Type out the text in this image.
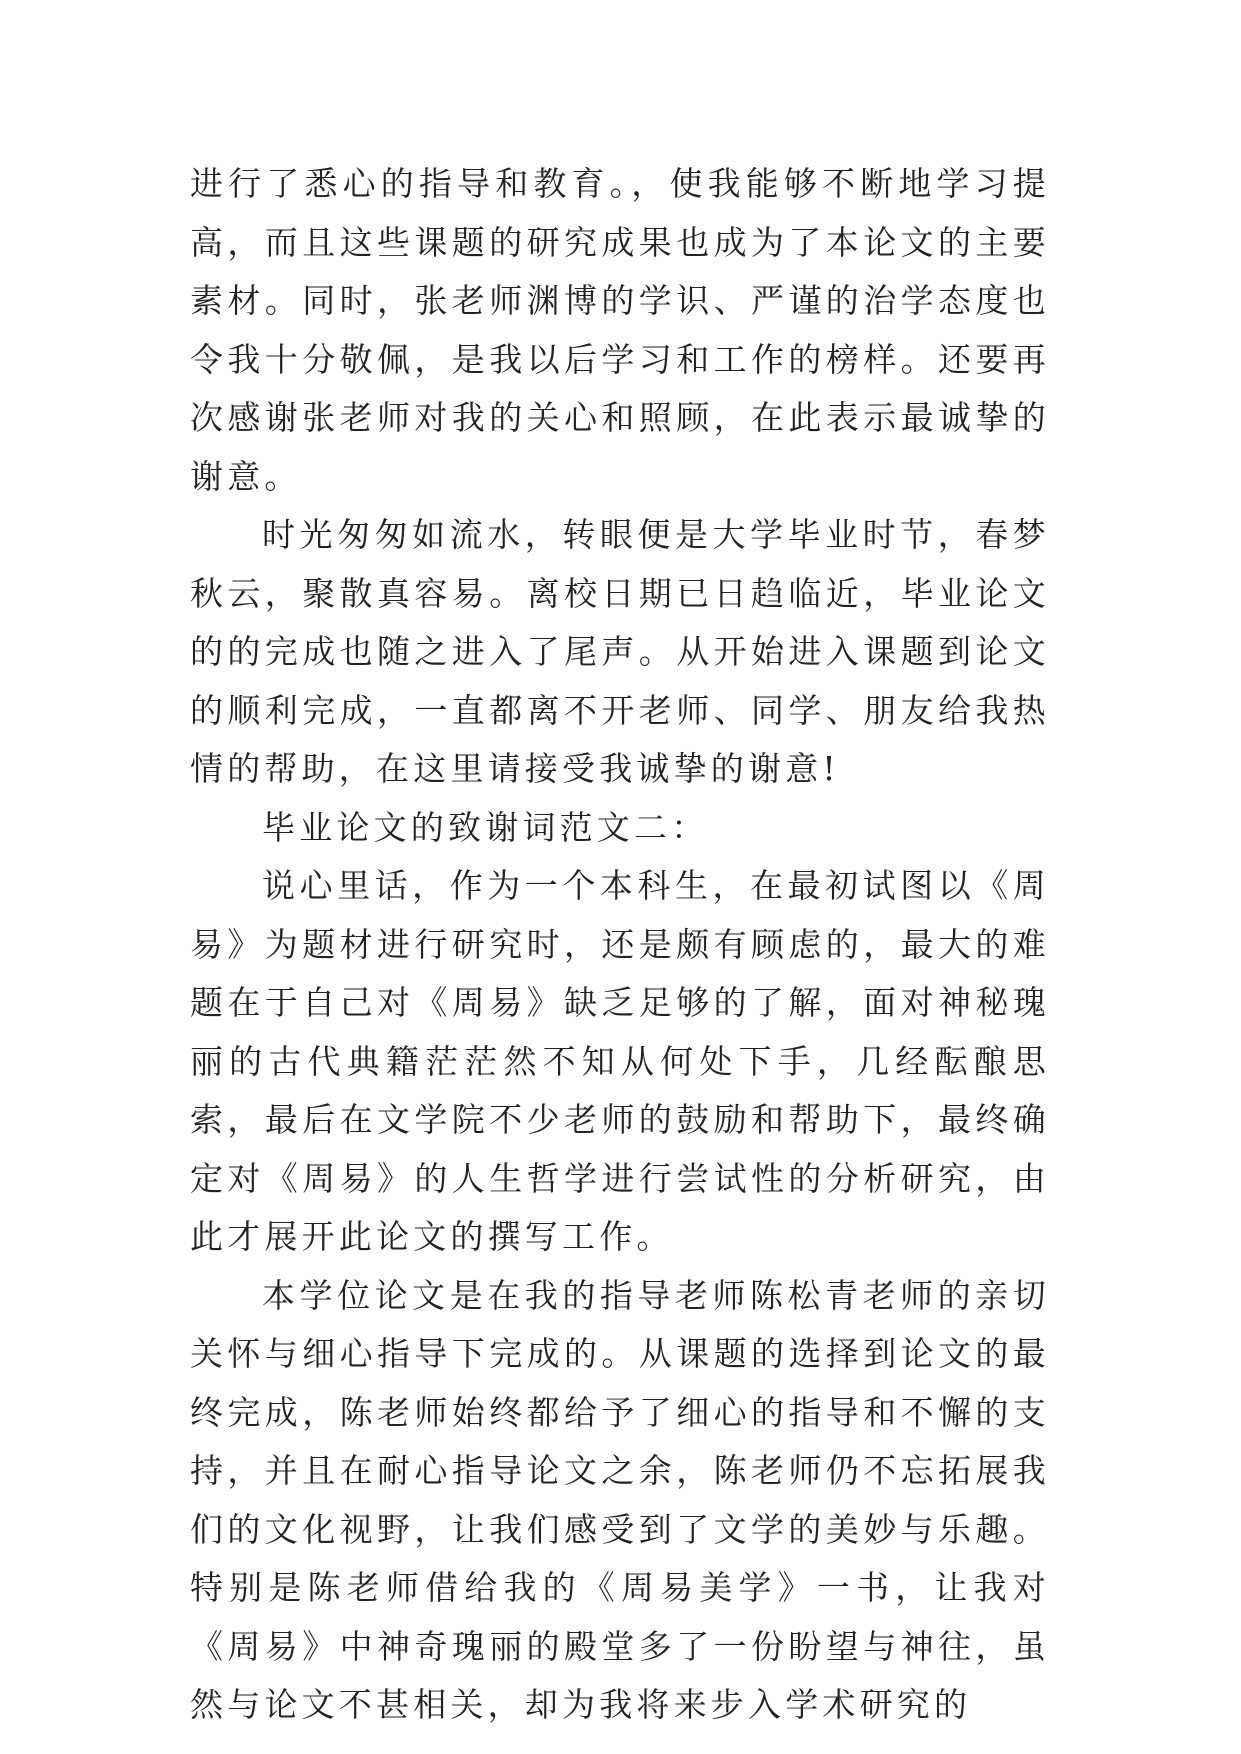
进行了悉心的指导和教育。，使我能够不断地学习提高，而且这些课题的研究成果也成为了本论文的主要素材。同时，张老师渊博的学识、严谨的治学态度也令我十分敬佩，是我以后学习和工作的榜样。还要再次感谢张老师对我的关心和照顾，在此表示最诚挚的谢意。

时光匆匆如流水，转眼便是大学毕业时节，春梦秋云，聚散真容易。离校日期已日趋临近，毕业论文的的完成也随之进入了尾声。从开始进入课题到论文的顺利完成，一直都离不开老师、同学、朋友给我热情的帮助，在这里请接受我诚挚的谢意!

毕业论文的致谢词范文二：

说心里话，作为一个本科生，在最初试图以《周易》为题材进行研究时，还是颇有顾虑的，最大的难题在于自己对《周易》缺乏足够的了解，面对神秘瑰丽的古代典籍茫茫然不知从何处下手，几经酝酿思索，最后在文学院不少老师的鼓励和帮助下，最终确定对《周易》的人生哲学进行尝试性的分析研究，由此才展开此论文的撰写工作。

本学位论文是在我的指导老师陈松青老师的亲切关怀与细心指导下完成的。从课题的选择到论文的最终完成，陈老师始终都给予了细心的指导和不懈的支持，并且在耐心指导论文之余，陈老师仍不忘拓展我们的文化视野，让我们感受到了文学的美妙与乐趣。特别是陈老师借给我的《周易美学》一书，让我对《周易》中神奇瑰丽的殿堂多了一份盼望与神往，虽然与论文不甚相关，却为我将来步入学术研究的
